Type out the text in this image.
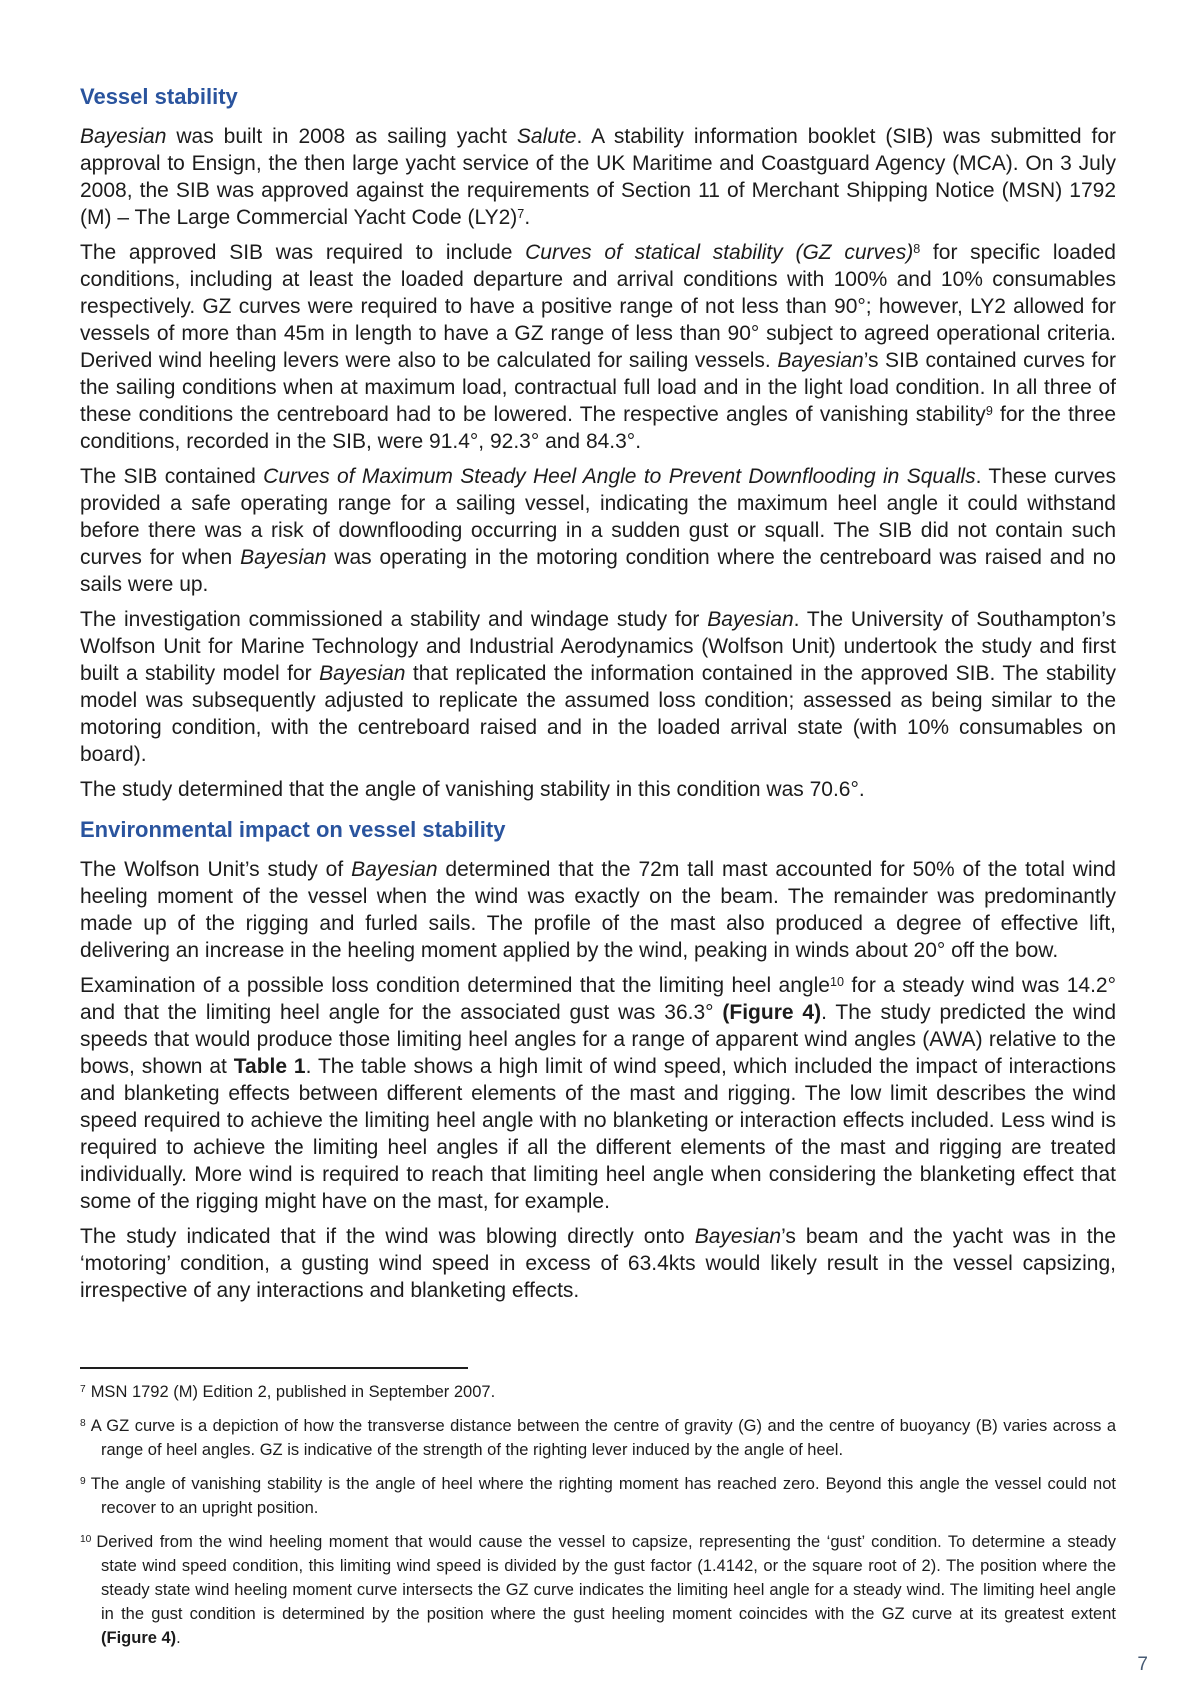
Vessel stability

Bayesian was built in 2008 as sailing yacht Salute. A stability information booklet (SIB) was submitted for approval to Ensign, the then large yacht service of the UK Maritime and Coastguard Agency (MCA). On 3 July 2008, the SIB was approved against the requirements of Section 11 of Merchant Shipping Notice (MSN) 1792 (M) – The Large Commercial Yacht Code (LY2)$^7$.

The approved SIB was required to include Curves of statical stability (GZ curves)$^8$ for specific loaded conditions, including at least the loaded departure and arrival conditions with 100% and 10% consumables respectively. GZ curves were required to have a positive range of not less than 90°; however, LY2 allowed for vessels of more than 45m in length to have a GZ range of less than 90° subject to agreed operational criteria. Derived wind heeling levers were also to be calculated for sailing vessels. Bayesian’s SIB contained curves for the sailing conditions when at maximum load, contractual full load and in the light load condition. In all three of these conditions the centreboard had to be lowered. The respective angles of vanishing stability$^9$ for the three conditions, recorded in the SIB, were 91.4°, 92.3° and 84.3°.

The SIB contained Curves of Maximum Steady Heel Angle to Prevent Downflooding in Squalls. These curves provided a safe operating range for a sailing vessel, indicating the maximum heel angle it could withstand before there was a risk of downflooding occurring in a sudden gust or squall. The SIB did not contain such curves for when Bayesian was operating in the motoring condition where the centreboard was raised and no sails were up.

The investigation commissioned a stability and windage study for Bayesian. The University of Southampton’s Wolfson Unit for Marine Technology and Industrial Aerodynamics (Wolfson Unit) undertook the study and first built a stability model for Bayesian that replicated the information contained in the approved SIB. The stability model was subsequently adjusted to replicate the assumed loss condition; assessed as being similar to the motoring condition, with the centreboard raised and in the loaded arrival state (with 10% consumables on board).

The study determined that the angle of vanishing stability in this condition was 70.6°.

Environmental impact on vessel stability

The Wolfson Unit’s study of Bayesian determined that the 72m tall mast accounted for 50% of the total wind heeling moment of the vessel when the wind was exactly on the beam. The remainder was predominantly made up of the rigging and furled sails. The profile of the mast also produced a degree of effective lift, delivering an increase in the heeling moment applied by the wind, peaking in winds about 20° off the bow.

Examination of a possible loss condition determined that the limiting heel angle$^{10}$ for a steady wind was 14.2° and that the limiting heel angle for the associated gust was 36.3° (Figure 4). The study predicted the wind speeds that would produce those limiting heel angles for a range of apparent wind angles (AWA) relative to the bows, shown at Table 1. The table shows a high limit of wind speed, which included the impact of interactions and blanketing effects between different elements of the mast and rigging. The low limit describes the wind speed required to achieve the limiting heel angle with no blanketing or interaction effects included. Less wind is required to achieve the limiting heel angles if all the different elements of the mast and rigging are treated individually. More wind is required to reach that limiting heel angle when considering the blanketing effect that some of the rigging might have on the mast, for example.

The study indicated that if the wind was blowing directly onto Bayesian’s beam and the yacht was in the ‘motoring’ condition, a gusting wind speed in excess of 63.4kts would likely result in the vessel capsizing, irrespective of any interactions and blanketing effects.

$^7$ MSN 1792 (M) Edition 2, published in September 2007.
$^8$ A GZ curve is a depiction of how the transverse distance between the centre of gravity (G) and the centre of buoyancy (B) varies across a range of heel angles. GZ is indicative of the strength of the righting lever induced by the angle of heel.
$^9$ The angle of vanishing stability is the angle of heel where the righting moment has reached zero. Beyond this angle the vessel could not recover to an upright position.
$^{10}$ Derived from the wind heeling moment that would cause the vessel to capsize, representing the ‘gust’ condition. To determine a steady state wind speed condition, this limiting wind speed is divided by the gust factor (1.4142, or the square root of 2). The position where the steady state wind heeling moment curve intersects the GZ curve indicates the limiting heel angle for a steady wind. The limiting heel angle in the gust condition is determined by the position where the gust heeling moment coincides with the GZ curve at its greatest extent (Figure 4).
7
